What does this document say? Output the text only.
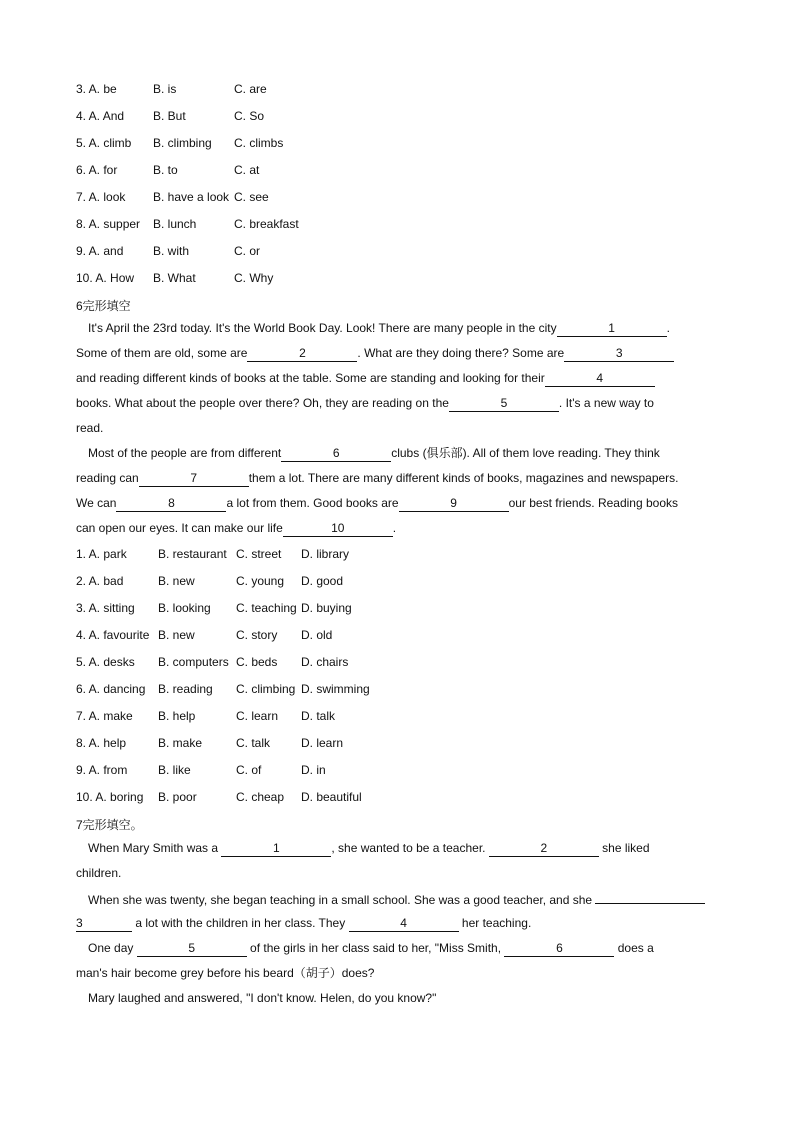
3. A. be	B. is	C. are
4. A. And B. But	C. So
5. A. climb B. climbing C. climbs
6. A. for	B. to	C. at
7. A. look B. have a look C. see
8. A. supper B. lunch	C. breakfast
9. A. and B. with	C. or
10. A. How B. What	C. Why
6完形填空
It's April the 23rd today. It's the World Book Day. Look! There are many people in the city	1	.
Some of them are old, some are	2	. What are they doing there? Some are	3
and reading different kinds of books at the table. Some are standing and looking for their	4
books. What about the people over there? Oh, they are reading on the	5	. It's a new way to
read.
Most of the people are from different	6	clubs (俱乐部). All of them love reading. They think
reading can	7	them a lot. There are many different kinds of books, magazines and newspapers.
We can	8	a lot from them. Good books are	9	our best friends. Reading books
can open our eyes. It can make our life	10	.
1. A. park	B. restaurant C. street D. library
2. A. bad	B. new	C. young D. good
3. A. sitting B. looking C. teaching D. buying
4. A. favourite B. new	C. story D. old
5. A. desks B. computers C. beds D. chairs
6. A. dancing B. reading C. climbing D. swimming
7. A. make B. help	C. learn D. talk
8. A. help	B. make	C. talk	D. learn
9. A. from	B. like	C. of	D. in
10. A. boring B. poor	C. cheap D. beautiful
7完形填空。
When Mary Smith was a	1	, she wanted to be a teacher.	2	she liked
children.
When she was twenty, she began teaching in a small school. She was a good teacher, and she
3	a lot with the children in her class. They	4	her teaching.
One day	5	of the girls in her class said to her, "Miss Smith,	6	does a
man's hair become grey before his beard（胡子）does?
Mary laughed and answered, "I don't know. Helen, do you know?"
